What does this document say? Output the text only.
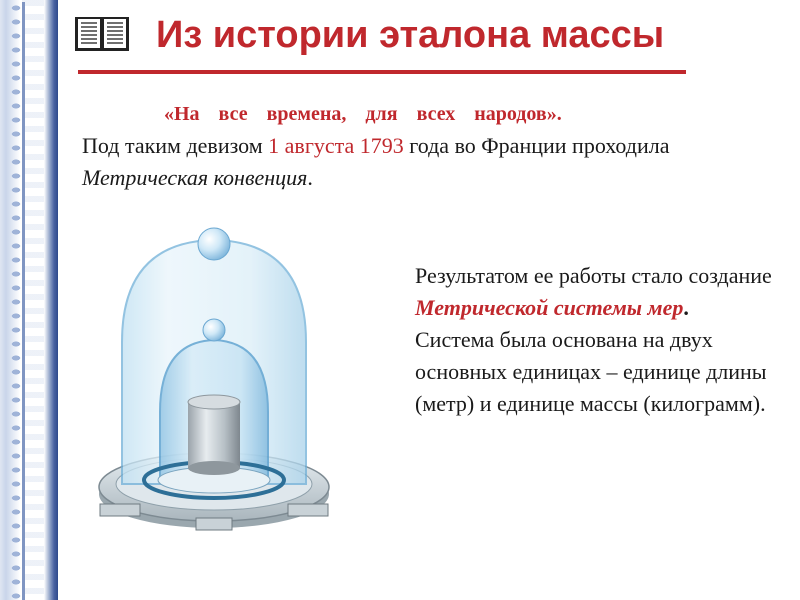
Из истории эталона массы
«На все времена, для всех народов».
Под таким девизом 1 августа 1793 года во Франции проходила Метрическая конвенция.
Результатом ее работы стало создание
Метрической системы мер.
Система была основана на двух основных единицах – единице длины (метр) и единице массы (килограмм).
